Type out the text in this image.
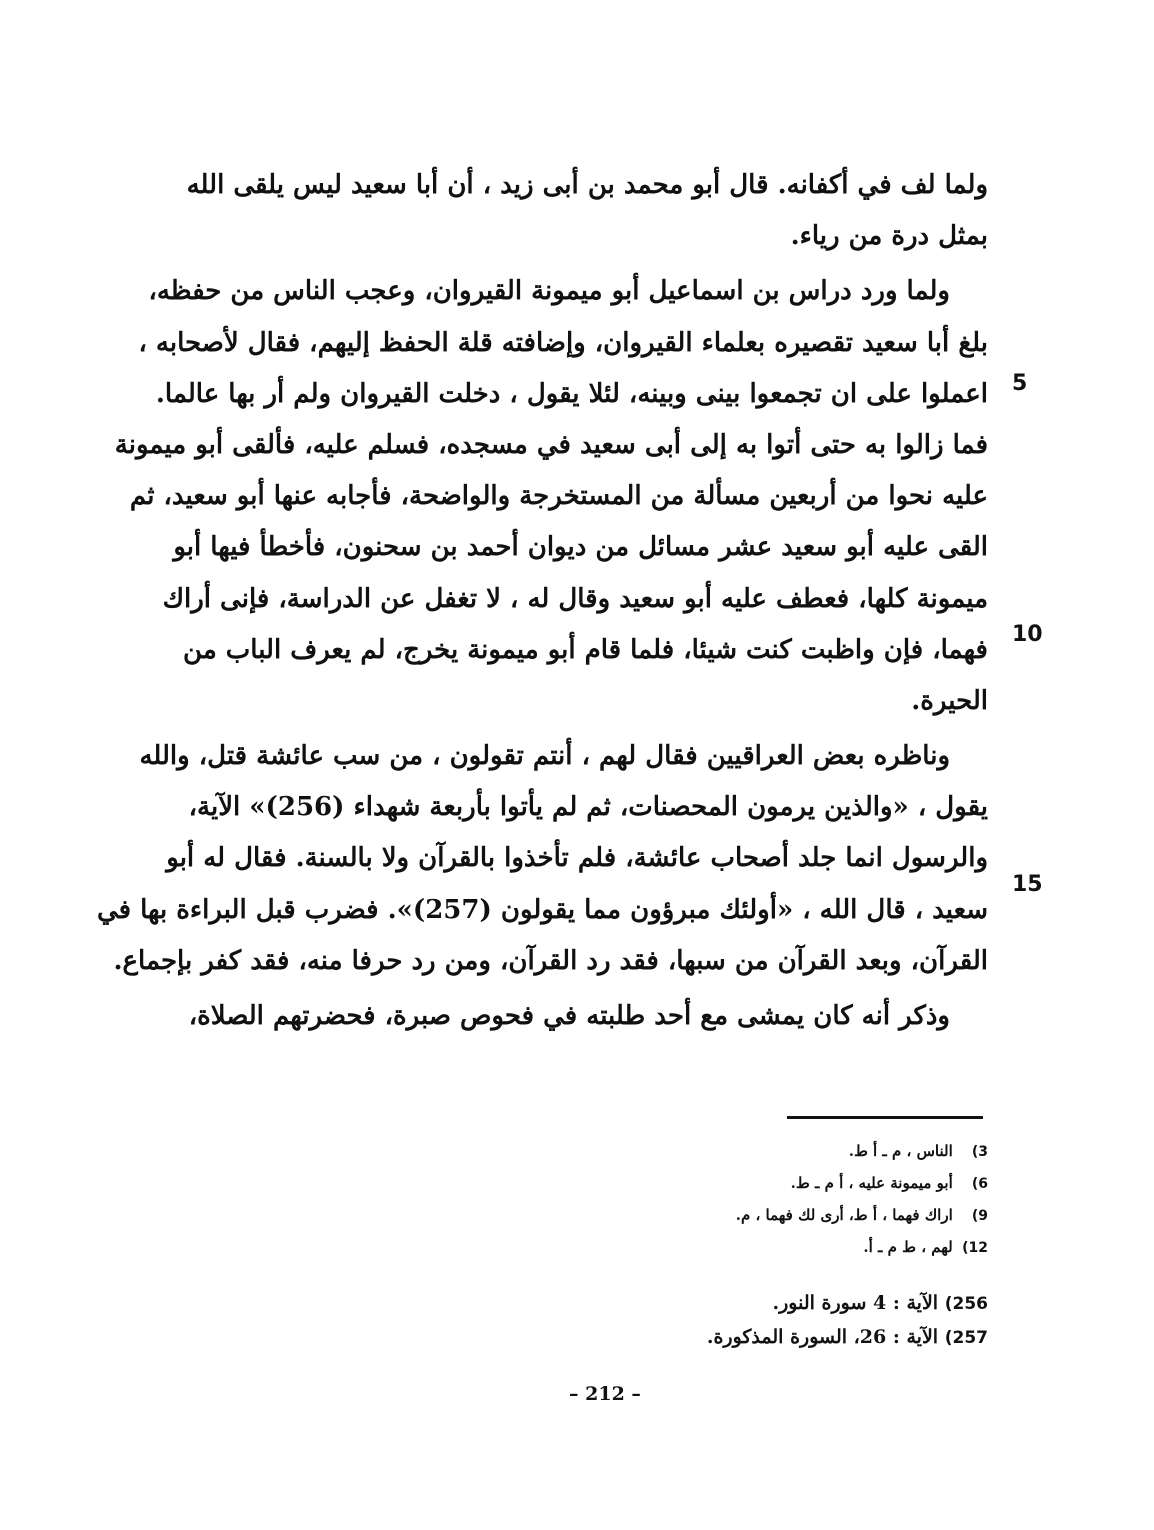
ولما لف في أكفانه. قال أبو محمد بن أبى زيد ، أن أبا سعيد ليس يلقى الله
بمثل درة من رياء.
ولما ورد دراس بن اسماعيل أبو ميمونة القيروان، وعجب الناس من حفظه،
بلغ أبا سعيد تقصيره بعلماء القيروان، وإضافته قلة الحفظ إليهم، فقال لأصحابه ،
اعملوا على ان تجمعوا بينى وبينه، لئلا يقول ، دخلت القيروان ولم أر بها عالما.
فما زالوا به حتى أتوا به إلى أبى سعيد في مسجده، فسلم عليه، فألقى أبو ميمونة
عليه نحوا من أربعين مسألة من المستخرجة والواضحة، فأجابه عنها أبو سعيد، ثم
القى عليه أبو سعيد عشر مسائل من ديوان أحمد بن سحنون، فأخطأ فيها أبو
ميمونة كلها، فعطف عليه أبو سعيد وقال له ، لا تغفل عن الدراسة، فإنى أراك
فهما، فإن واظبت كنت شيئا، فلما قام أبو ميمونة يخرج، لم يعرف الباب من
الحيرة.
وناظره بعض العراقيين فقال لهم ، أنتم تقولون ، من سب عائشة قتل، والله
يقول ، «والذين يرمون المحصنات، ثم لم يأتوا بأربعة شهداء (256)» الآية،
والرسول انما جلد أصحاب عائشة، فلم تأخذوا بالقرآن ولا بالسنة. فقال له أبو
سعيد ، قال الله ، «أولئك مبرؤون مما يقولون (257)». فضرب قبل البراءة بها في
القرآن، وبعد القرآن من سبها، فقد رد القرآن، ومن رد حرفا منه، فقد كفر بإجماع.
وذكر أنه كان يمشى مع أحد طلبته في فحوص صبرة، فحضرتهم الصلاة،
5
10
15
3) الناس ، م ـ أ ط.
6) أبو ميمونة عليه ، أ م ـ ط.
9) اراك فهما ، أ ط، أرى لك فهما ، م.
12) لهم ، ط م ـ أ.
256) الآية : 4 سورة النور.
257) الآية : 26، السورة المذكورة.
– 212 –
